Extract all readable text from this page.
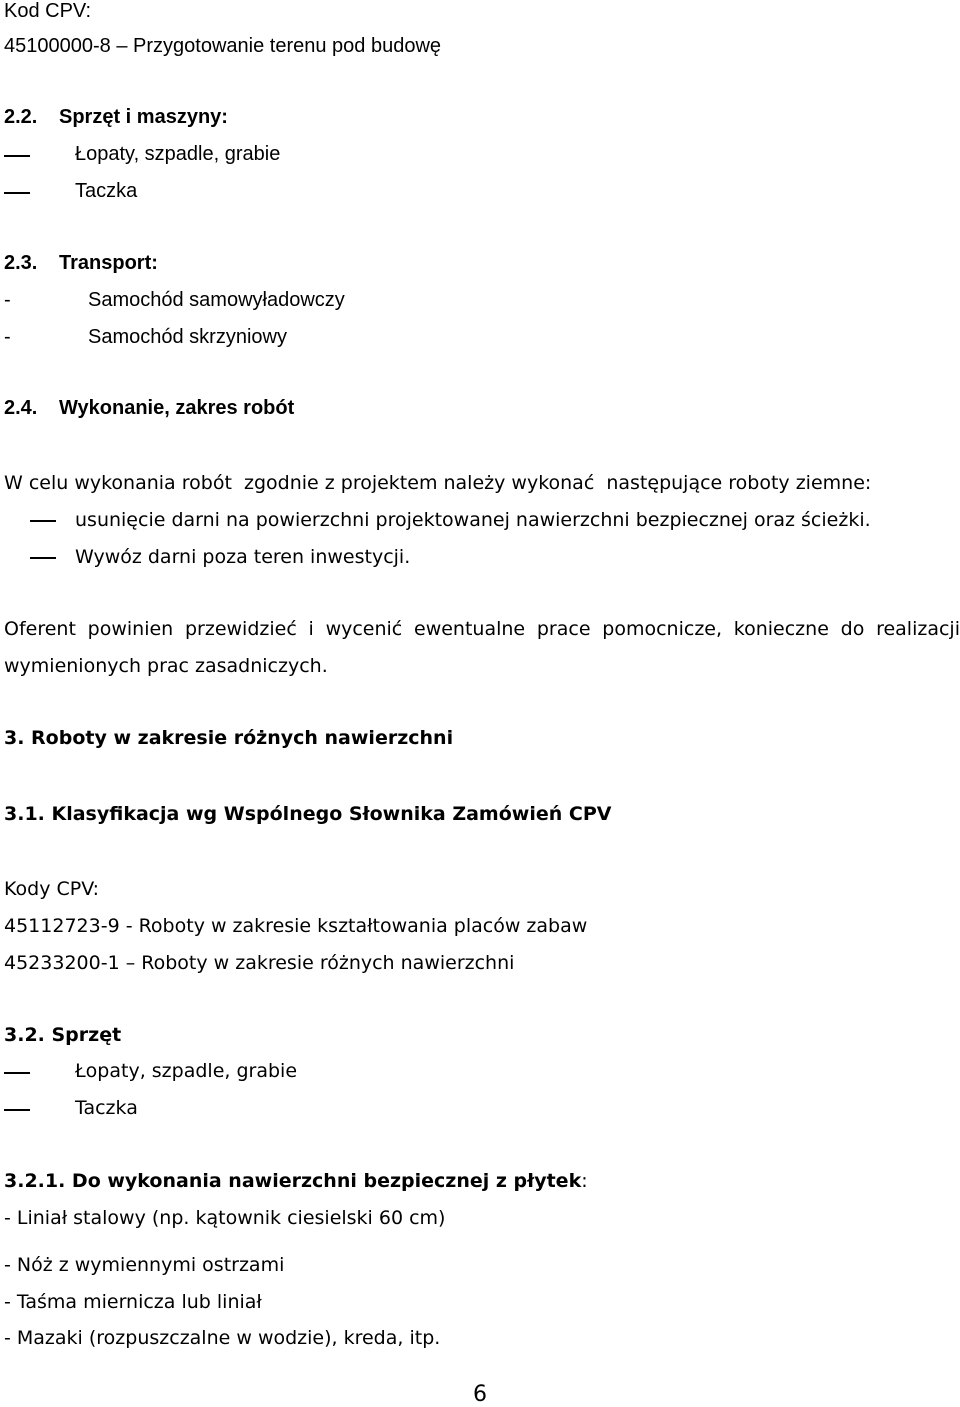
Kod CPV:
45100000-8 – Przygotowanie terenu pod budowę
2.2. Sprzęt i maszyny:
Łopaty, szpadle, grabie
Taczka
2.3. Transport:
-	Samochód samowyładowczy
-	Samochód skrzyniowy
2.4. Wykonanie, zakres robót
W celu wykonania robót  zgodnie z projektem należy wykonać  następujące roboty ziemne:
usunięcie darni na powierzchni projektowanej nawierzchni bezpiecznej oraz ścieżki.
Wywóz darni poza teren inwestycji.
Oferent powinien przewidzieć i wycenić ewentualne prace pomocnicze, konieczne do realizacji
wymienionych prac zasadniczych.
3. Roboty w zakresie różnych nawierzchni
3.1. Klasyfikacja wg Wspólnego Słownika Zamówień CPV
Kody CPV:
45112723-9 - Roboty w zakresie kształtowania placów zabaw
45233200-1 – Roboty w zakresie różnych nawierzchni
3.2. Sprzęt
Łopaty, szpadle, grabie
Taczka
3.2.1. Do wykonania nawierzchni bezpiecznej z płytek:
- Liniał stalowy (np. kątownik ciesielski 60 cm)
- Nóż z wymiennymi ostrzami
- Taśma miernicza lub liniał
- Mazaki (rozpuszczalne w wodzie), kreda, itp.
6
